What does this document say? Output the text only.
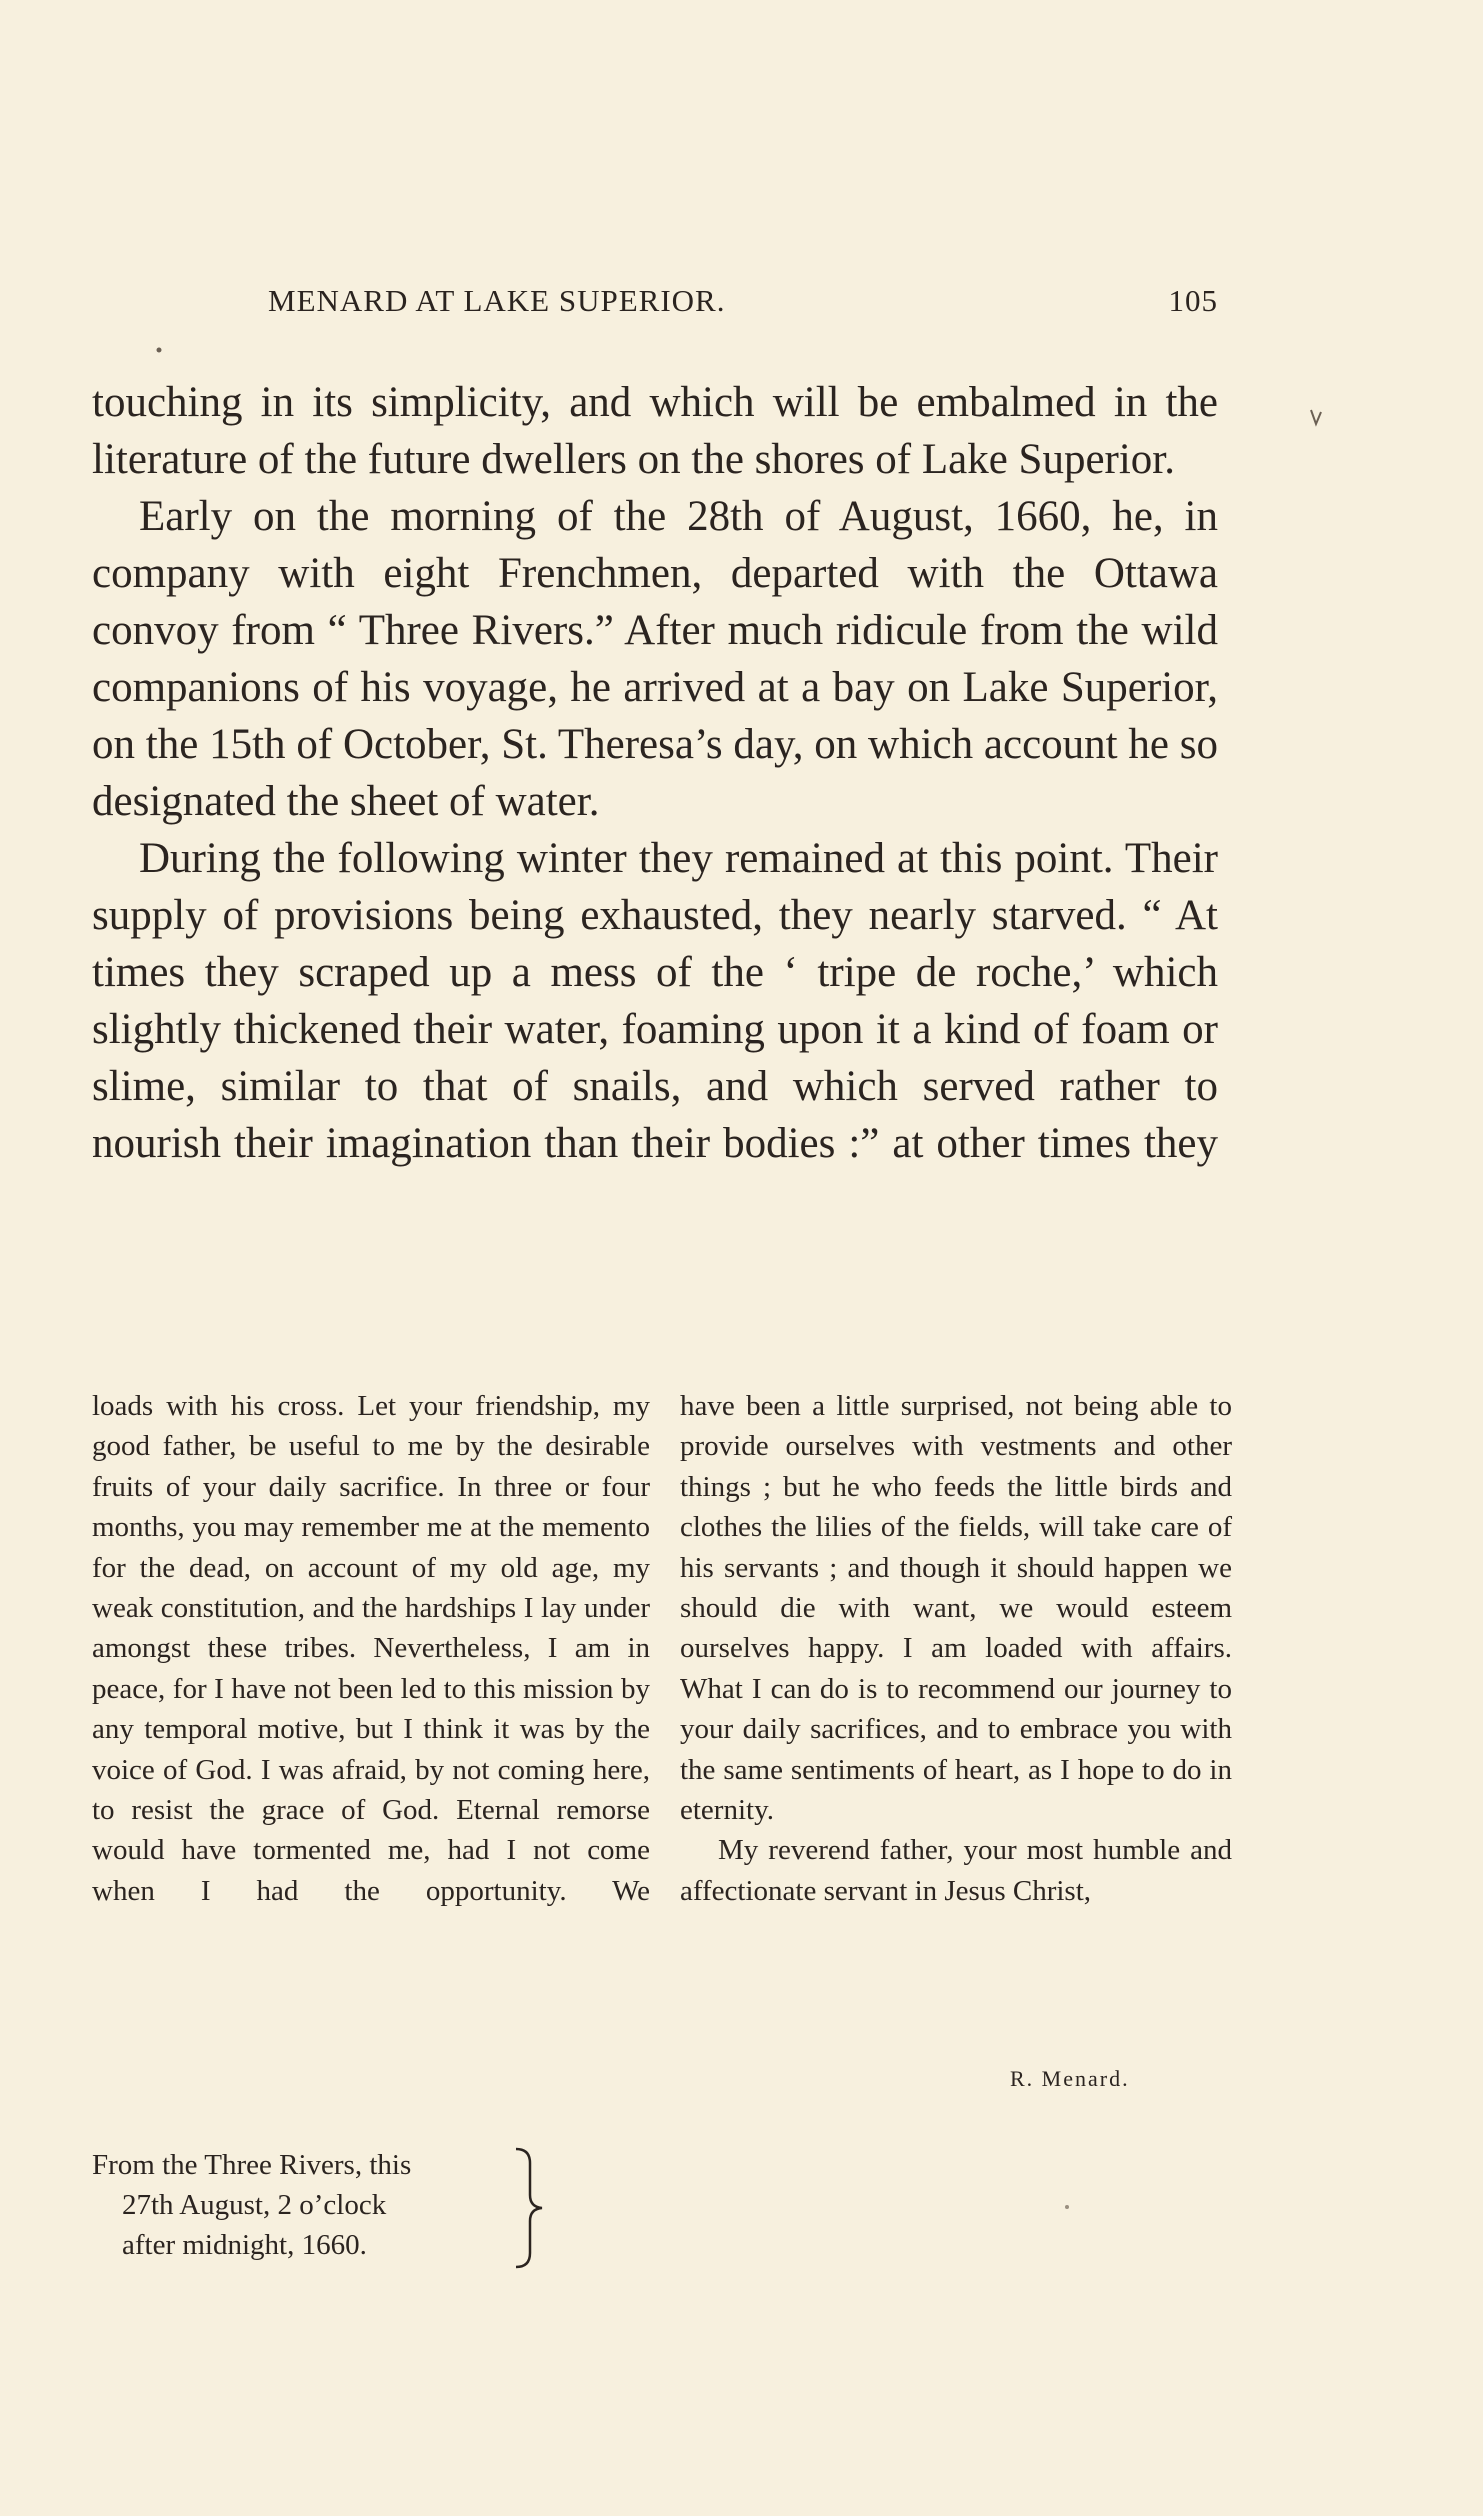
MENARD AT LAKE SUPERIOR.	105

touching in its simplicity, and which will be embalmed in the literature of the future dwellers on the shores of Lake Superior.

Early on the morning of the 28th of August, 1660, he, in company with eight Frenchmen, departed with the Ottawa convoy from “ Three Rivers.” After much ridicule from the wild companions of his voyage, he arrived at a bay on Lake Superior, on the 15th of October, St. Theresa’s day, on which account he so designated the sheet of water.

During the following winter they remained at this point. Their supply of provisions being exhausted, they nearly starved. “ At times they scraped up a mess of the ‘ tripe de roche,’ which slightly thickened their water, foaming upon it a kind of foam or slime, similar to that of snails, and which served rather to nourish their imagination than their bodies :” at other times they

loads with his cross. Let your friendship, my good father, be useful to me by the desirable fruits of your daily sacrifice. In three or four months, you may remember me at the memento for the dead, on account of my old age, my weak constitution, and the hardships I lay under amongst these tribes. Nevertheless, I am in peace, for I have not been led to this mission by any temporal motive, but I think it was by the voice of God. I was afraid, by not coming here, to resist the grace of God. Eternal remorse would have tormented me, had I not come when I had the opportunity. We

have been a little surprised, not being able to provide ourselves with vestments and other things ; but he who feeds the little birds and clothes the lilies of the fields, will take care of his servants ; and though it should happen we should die with want, we would esteem ourselves happy. I am loaded with affairs. What I can do is to recommend our journey to your daily sacrifices, and to embrace you with the same sentiments of heart, as I hope to do in eternity.

My reverend father, your most humble and affectionate servant in Jesus Christ,

R. Menard.
From the Three Rivers, this
27th August, 2 o’clock
after midnight, 1660.
